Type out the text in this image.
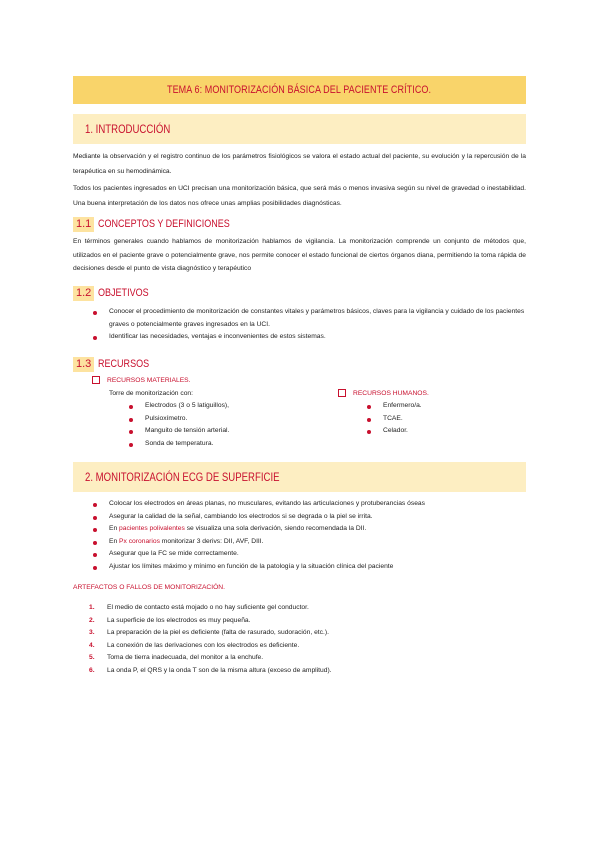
TEMA 6: MONITORIZACIÓN BÁSICA DEL PACIENTE CRÍTICO.
1. INTRODUCCIÓN
Mediante la observación y el registro continuo de los parámetros fisiológicos se valora el estado actual del paciente, su evolución y la repercusión de la terapéutica en su hemodinámica.
Todos los pacientes ingresados en UCI precisan una monitorización básica, que será más o menos invasiva según su nivel de gravedad o inestabilidad. Una buena interpretación de los datos nos ofrece unas amplias posibilidades diagnósticas.
1.1 CONCEPTOS Y DEFINICIONES
En términos generales cuando hablamos de monitorización hablamos de vigilancia. La monitorización comprende un conjunto de métodos que, utilizados en el paciente grave o potencialmente grave, nos permite conocer el estado funcional de ciertos órganos diana, permitiendo la toma rápida de decisiones desde el punto de vista diagnóstico y terapéutico
1.2 OBJETIVOS
Conocer el procedimiento de monitorización de constantes vitales y parámetros básicos, claves para la vigilancia y cuidado de los pacientes graves o potencialmente graves ingresados en la UCI.
Identificar las necesidades, ventajas e inconvenientes de estos sistemas.
1.3 RECURSOS
RECURSOS MATERIALES.
Torre de monitorización con:
Electrodos (3 o 5 latiguillos),
Pulsioxímetro.
Manguito de tensión arterial.
Sonda de temperatura.
RECURSOS HUMANOS.
Enfermero/a.
TCAE.
Celador.
2. MONITORIZACIÓN ECG DE SUPERFICIE
Colocar los electrodos en áreas planas, no musculares, evitando las articulaciones y protuberancias óseas
Asegurar la calidad de la señal, cambiando los electrodos si se degrada o la piel se irrita.
En pacientes polivalentes se visualiza una sola derivación, siendo recomendada la DII.
En Px coronarios monitorizar 3 derivs: DII, AVF, DIII.
Asegurar que la FC se mide correctamente.
Ajustar los límites máximo y mínimo en función de la patología y la situación clínica del paciente
ARTEFACTOS O FALLOS DE MONITORIZACIÓN.
1. El medio de contacto está mojado o no hay suficiente gel conductor.
2. La superficie de los electrodos es muy pequeña.
3. La preparación de la piel es deficiente (falta de rasurado, sudoración, etc.).
4. La conexión de las derivaciones con los electrodos es deficiente.
5. Toma de tierra inadecuada, del monitor a la enchufe.
6. La onda P, el QRS y la onda T son de la misma altura (exceso de amplitud).
